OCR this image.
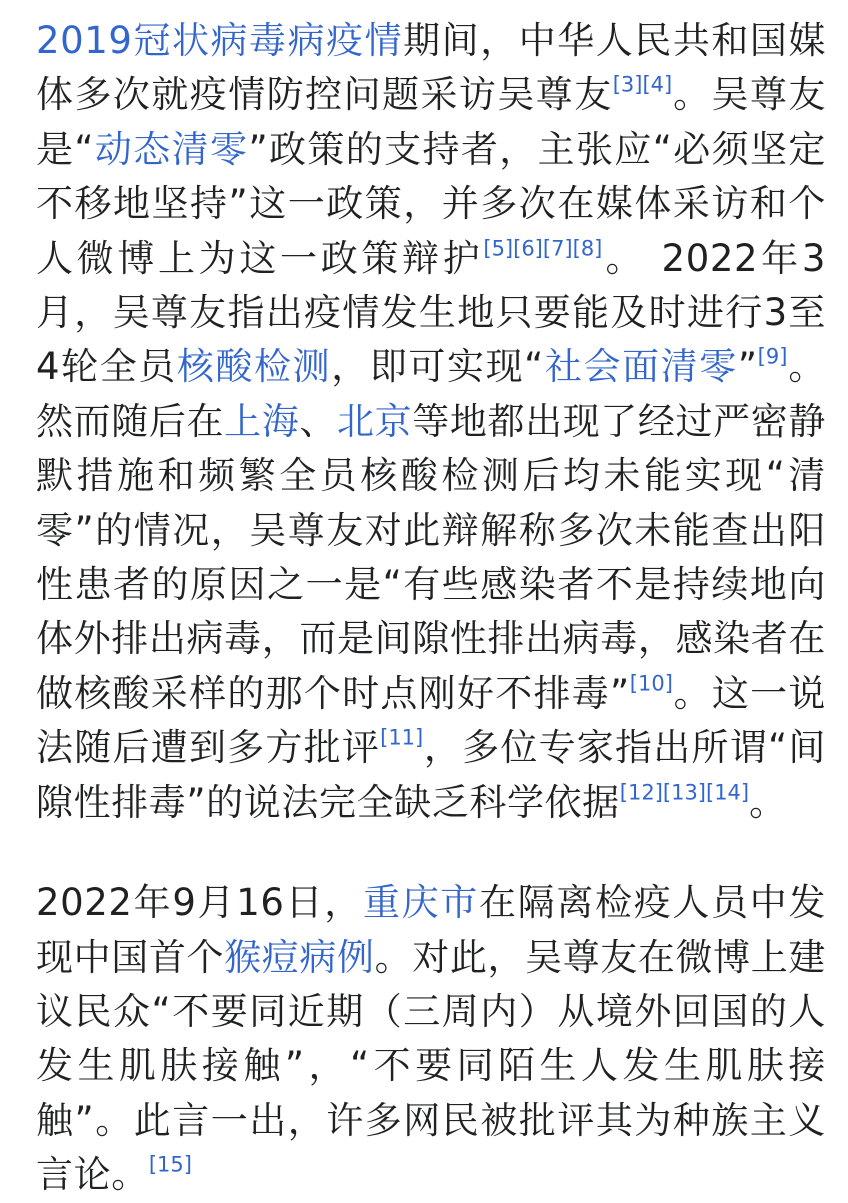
2019冠状病毒病疫情期间，中华人民共和国媒体多次就疫情防控问题采访吴尊友[3][4]。吴尊友是“动态清零”政策的支持者，主张应“必须坚定不移地坚持”这一政策，并多次在媒体采访和个人微博上为这一政策辩护[5][6][7][8]。 2022年3月，吴尊友指出疫情发生地只要能及时进行3至4轮全员核酸检测，即可实现“社会面清零”[9]。然而随后在上海、北京等地都出现了经过严密静默措施和频繁全员核酸检测后均未能实现“清零”的情况，吴尊友对此辩解称多次未能查出阳性患者的原因之一是“有些感染者不是持续地向体外排出病毒，而是间隙性排出病毒，感染者在做核酸采样的那个时点刚好不排毒”[10]。这一说法随后遭到多方批评[11]，多位专家指出所谓“间隙性排毒”的说法完全缺乏科学依据[12][13][14]。

2022年9月16日，重庆市在隔离检疫人员中发现中国首个猴痘病例。对此，吴尊友在微博上建议民众“不要同近期（三周内）从境外回国的人发生肌肤接触”，“不要同陌生人发生肌肤接触”。此言一出，许多网民被批评其为种族主义言论。[15]
